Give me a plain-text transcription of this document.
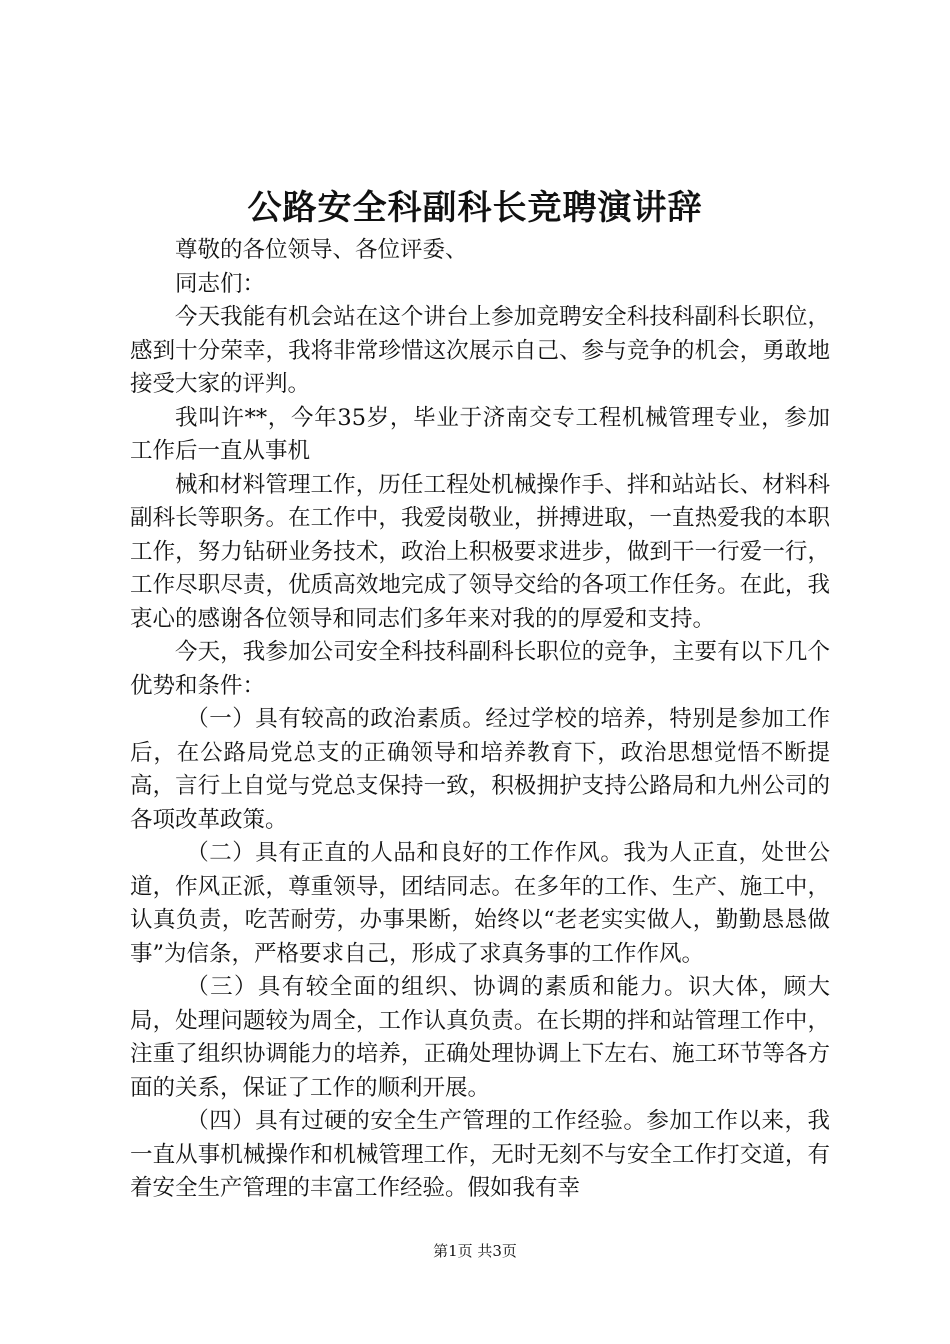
公路安全科副科长竞聘演讲辞

尊敬的各位领导、各位评委、

同志们：

今天我能有机会站在这个讲台上参加竞聘安全科技科副科长职位，感到十分荣幸，我将非常珍惜这次展示自己、参与竞争的机会，勇敢地接受大家的评判。

我叫许**，今年35岁，毕业于济南交专工程机械管理专业，参加工作后一直从事机

械和材料管理工作，历任工程处机械操作手、拌和站站长、材料科副科长等职务。在工作中，我爱岗敬业，拼搏进取，一直热爱我的本职工作，努力钻研业务技术，政治上积极要求进步，做到干一行爱一行，工作尽职尽责，优质高效地完成了领导交给的各项工作任务。在此，我衷心的感谢各位领导和同志们多年来对我的的厚爱和支持。

今天，我参加公司安全科技科副科长职位的竞争，主要有以下几个优势和条件：

（一）具有较高的政治素质。经过学校的培养，特别是参加工作后，在公路局党总支的正确领导和培养教育下，政治思想觉悟不断提高，言行上自觉与党总支保持一致，积极拥护支持公路局和九州公司的各项改革政策。

（二）具有正直的人品和良好的工作作风。我为人正直，处世公道，作风正派，尊重领导，团结同志。在多年的工作、生产、施工中，认真负责，吃苦耐劳，办事果断，始终以“老老实实做人，勤勤恳恳做事”为信条，严格要求自己，形成了求真务事的工作作风。

（三）具有较全面的组织、协调的素质和能力。识大体，顾大局，处理问题较为周全，工作认真负责。在长期的拌和站管理工作中，注重了组织协调能力的培养，正确处理协调上下左右、施工环节等各方面的关系，保证了工作的顺利开展。

（四）具有过硬的安全生产管理的工作经验。参加工作以来，我一直从事机械操作和机械管理工作，无时无刻不与安全工作打交道，有着安全生产管理的丰富工作经验。假如我有幸

第1页 共3页
